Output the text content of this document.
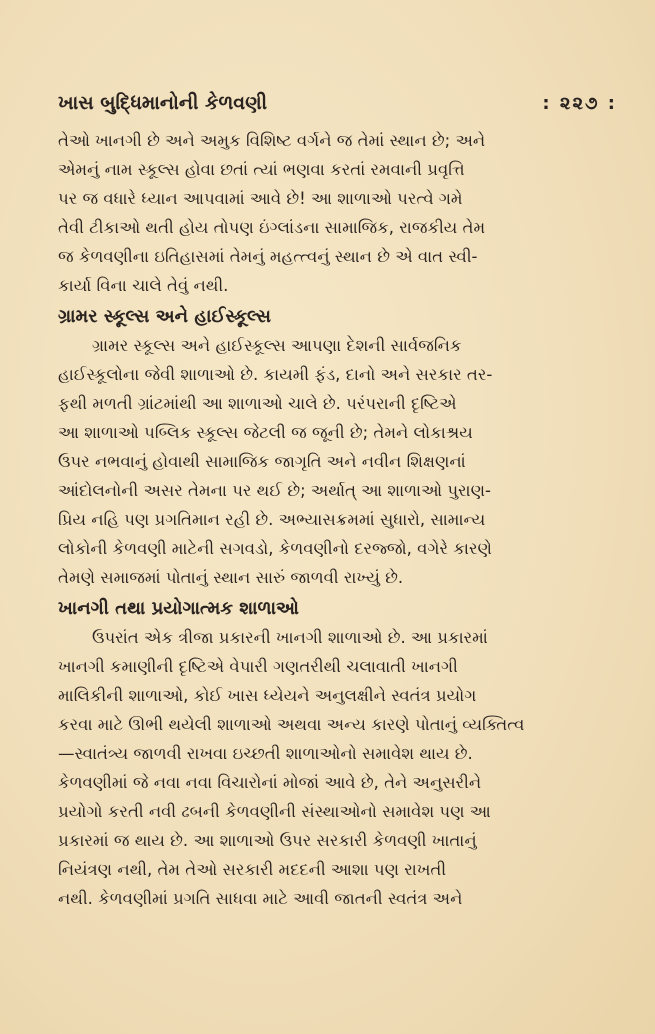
ખાસ બુદ્ધિમાનોની કેળવણી	: ૨૨૭ :

તેઓ ખાનગી છે અને અમુક વિશિષ્ટ વર્ગને જ તેમાં સ્થાન છે; અને
એમનું નામ સ્કૂલ્સ હોવા છતાં ત્યાં ભણવા કરતાં રમવાની પ્રવૃત્તિ
પર જ વધારે ધ્યાન આપવામાં આવે છે! આ શાળાઓ પરત્વે ગમે
તેવી ટીકાઓ થતી હોય તોપણ ઇંગ્લાંડના સામાજિક, રાજકીય તેમ
જ કેળવણીના ઇતિહાસમાં તેમનું મહત્ત્વનું સ્થાન છે એ વાત સ્વી-
કાર્યા વિના ચાલે તેવું નથી.

ગ્રામર સ્કૂલ્સ અને હાઈસ્કૂલ્સ

ગ્રામર સ્કૂલ્સ અને હાઈસ્કૂલ્સ આપણા દેશની સાર્વજનિક
હાઈસ્કૂલોના જેવી શાળાઓ છે. કાયમી ફંડ, દાનો અને સરકાર તર-
ફથી મળતી ગ્રાંટમાંથી આ શાળાઓ ચાલે છે. પરંપરાની દૃષ્ટિએ
આ શાળાઓ પબ્લિક સ્કૂલ્સ જેટલી જ જૂની છે; તેમને લોકાશ્રય
ઉપર નભવાનું હોવાથી સામાજિક જાગૃતિ અને નવીન શિક્ષણનાં
આંદોલનોની અસર તેમના પર થઈ છે; અર્થાત્ આ શાળાઓ પુરાણ-
પ્રિય નહિ પણ પ્રગતિમાન રહી છે. અભ્યાસક્રમમાં સુધારો, સામાન્ય
લોકોની કેળવણી માટેની સગવડો, કેળવણીનો દરજ્જો, વગેરે કારણે
તેમણે સમાજમાં પોતાનું સ્થાન સારું જાળવી રાખ્યું છે.

ખાનગી તથા પ્રયોગાત્મક શાળાઓ

ઉપરાંત એક ત્રીજા પ્રકારની ખાનગી શાળાઓ છે. આ પ્રકારમાં
ખાનગી કમાણીની દૃષ્ટિએ વેપારી ગણતરીથી ચલાવાતી ખાનગી
માલિકીની શાળાઓ, કોઈ ખાસ ધ્યેયને અનુલક્ષીને સ્વતંત્ર પ્રયોગ
કરવા માટે ઊભી થયેલી શાળાઓ અથવા અન્ય કારણે પોતાનું વ્યક્તિત્વ
—સ્વાતંત્ર્ય જાળવી રાખવા ઇચ્છતી શાળાઓનો સમાવેશ થાય છે.
કેળવણીમાં જે નવા નવા વિચારોનાં મોજાં આવે છે, તેને અનુસરીને
પ્રયોગો કરતી નવી ઢબની કેળવણીની સંસ્થાઓનો સમાવેશ પણ આ
પ્રકારમાં જ થાય છે. આ શાળાઓ ઉપર સરકારી કેળવણી ખાતાનું
નિયંત્રણ નથી, તેમ તેઓ સરકારી મદદની આશા પણ રાખતી
નથી. કેળવણીમાં પ્રગતિ સાધવા માટે આવી જાતની સ્વતંત્ર અને
